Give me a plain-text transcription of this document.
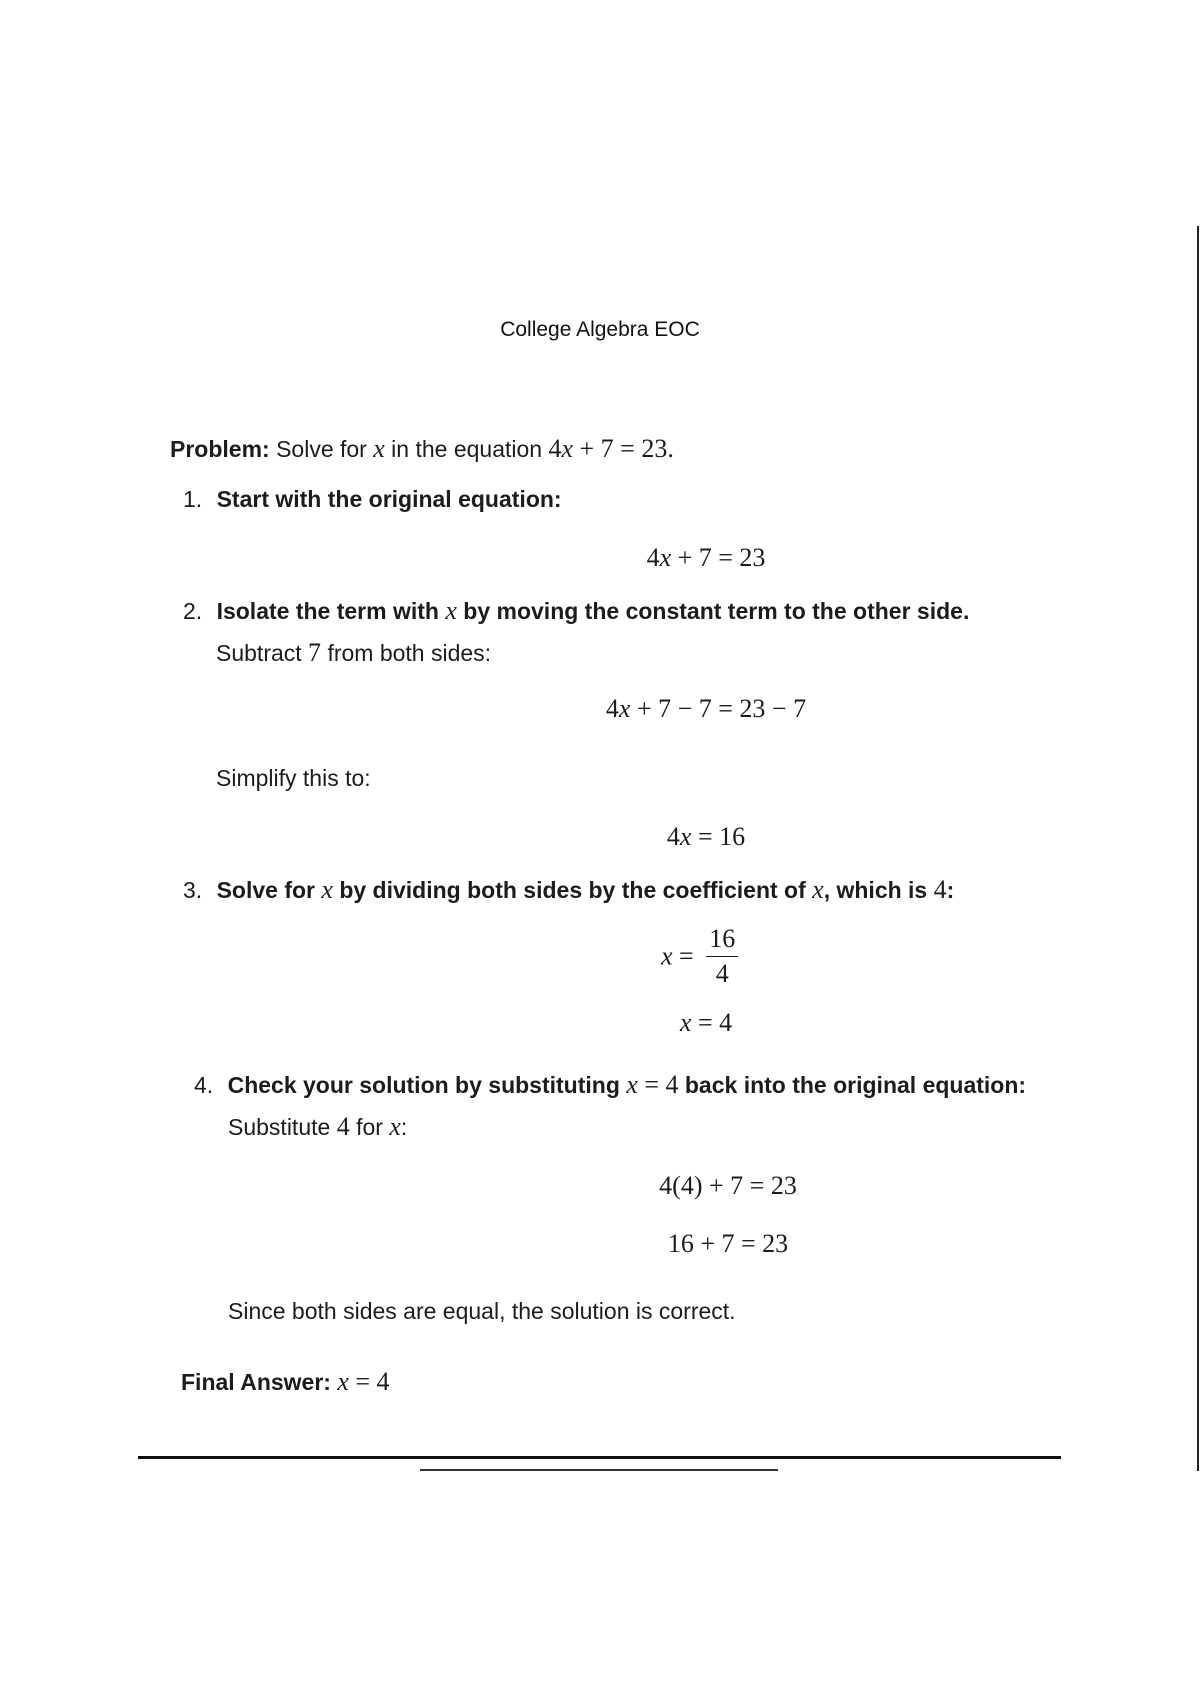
College Algebra EOC
Problem: Solve for x in the equation 4x + 7 = 23.
1. Start with the original equation:
4x + 7 = 23
2. Isolate the term with x by moving the constant term to the other side.
Subtract 7 from both sides:
4x + 7 − 7 = 23 − 7
Simplify this to:
4x = 16
3. Solve for x by dividing both sides by the coefficient of x, which is 4:
$x = \frac{16}{4}$
x = 4
4. Check your solution by substituting x = 4 back into the original equation:
Substitute 4 for x:
4(4) + 7 = 23
16 + 7 = 23
Since both sides are equal, the solution is correct.
Final Answer: x = 4
